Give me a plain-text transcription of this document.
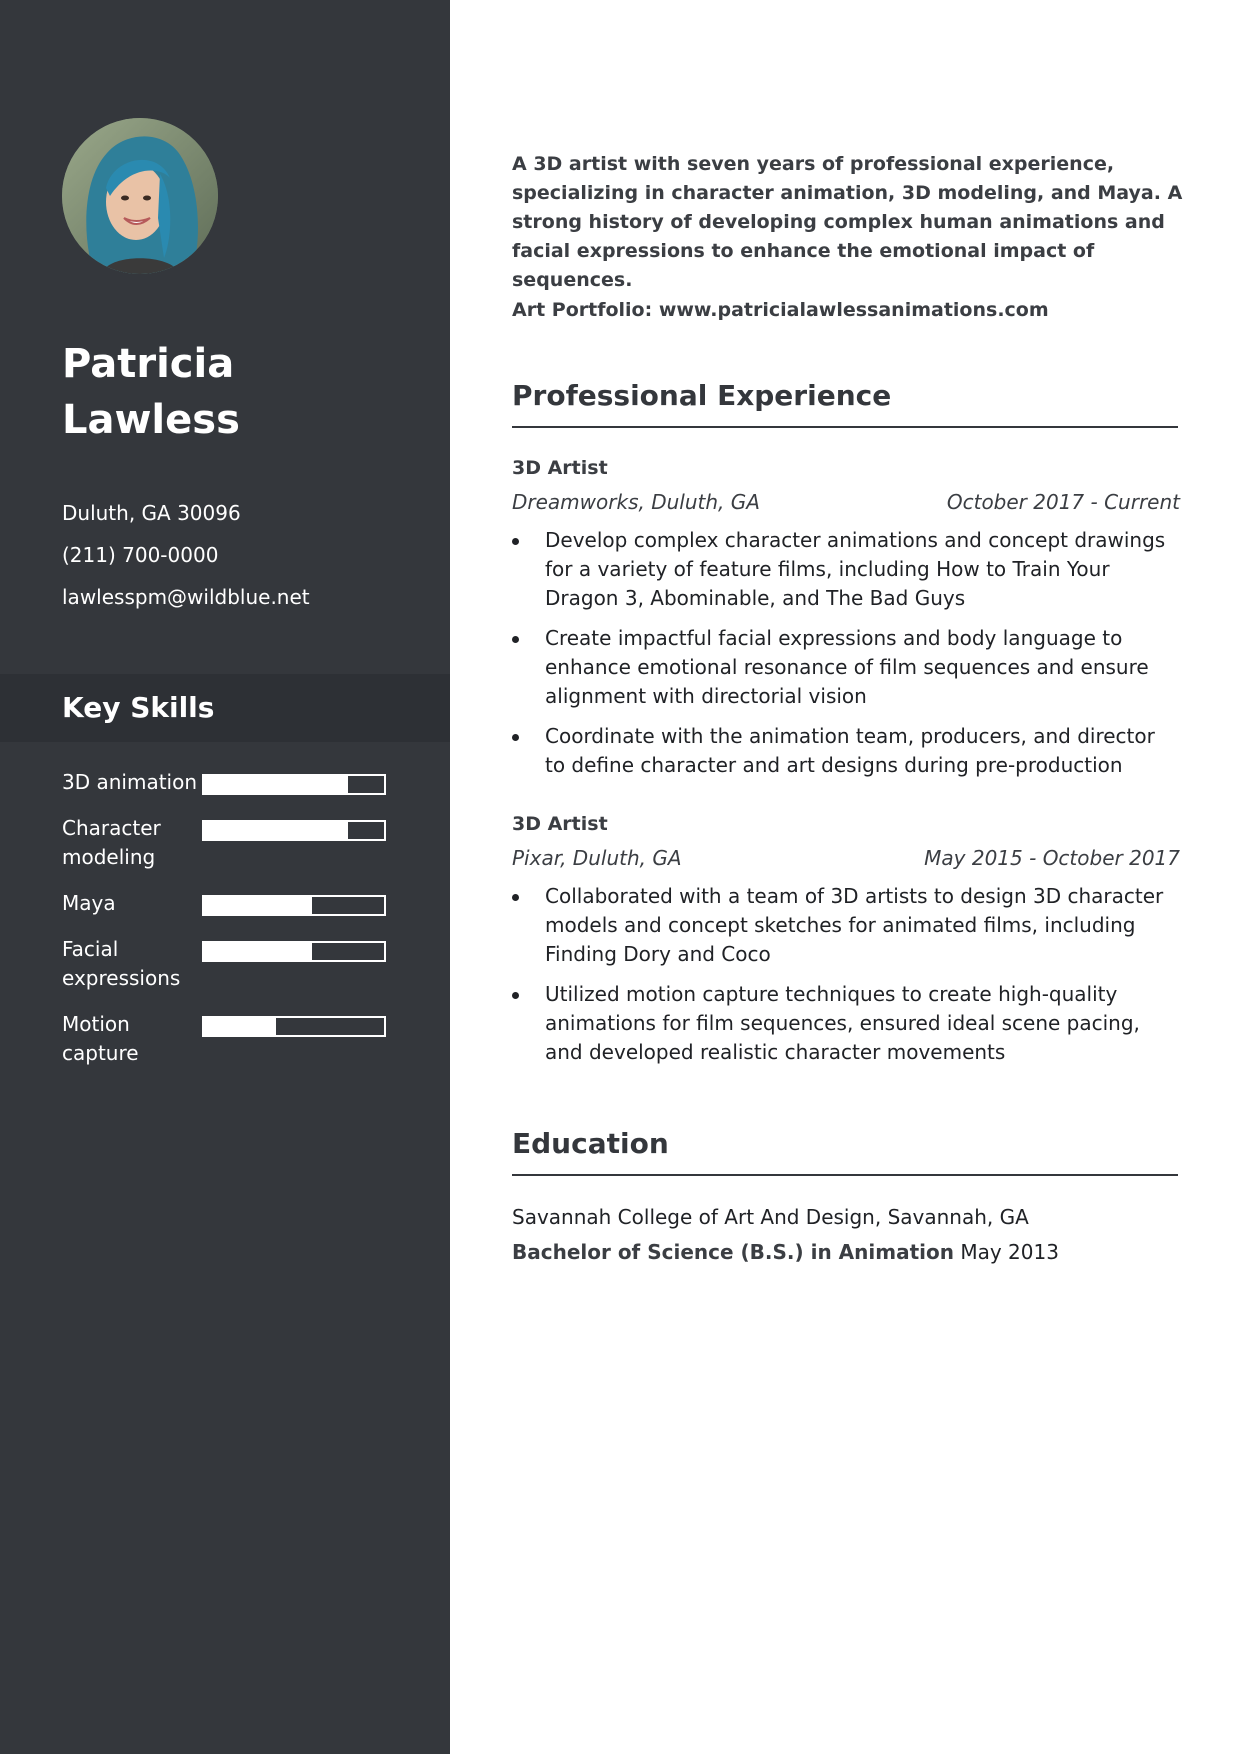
Patricia
Lawless
Duluth, GA 30096
(211) 700-0000
lawlesspm@wildblue.net
Key Skills
3D animation
Character modeling
Maya
Facial expressions
Motion capture

A 3D artist with seven years of professional experience, specializing in character animation, 3D modeling, and Maya. A strong history of developing complex human animations and facial expressions to enhance the emotional impact of sequences.

Art Portfolio: www.patricialawlessanimations.com

Professional Experience
3D Artist
Dreamworks, Duluth, GA	October 2017 - Current
Develop complex character animations and concept drawings for a variety of feature films, including How to Train Your Dragon 3, Abominable, and The Bad Guys
Create impactful facial expressions and body language to enhance emotional resonance of film sequences and ensure alignment with directorial vision
Coordinate with the animation team, producers, and director to define character and art designs during pre-production
3D Artist
Pixar, Duluth, GA	May 2015 - October 2017
Collaborated with a team of 3D artists to design 3D character models and concept sketches for animated films, including Finding Dory and Coco
Utilized motion capture techniques to create high-quality animations for film sequences, ensured ideal scene pacing, and developed realistic character movements
Education
Savannah College of Art And Design, Savannah, GA
Bachelor of Science (B.S.) in Animation May 2013
